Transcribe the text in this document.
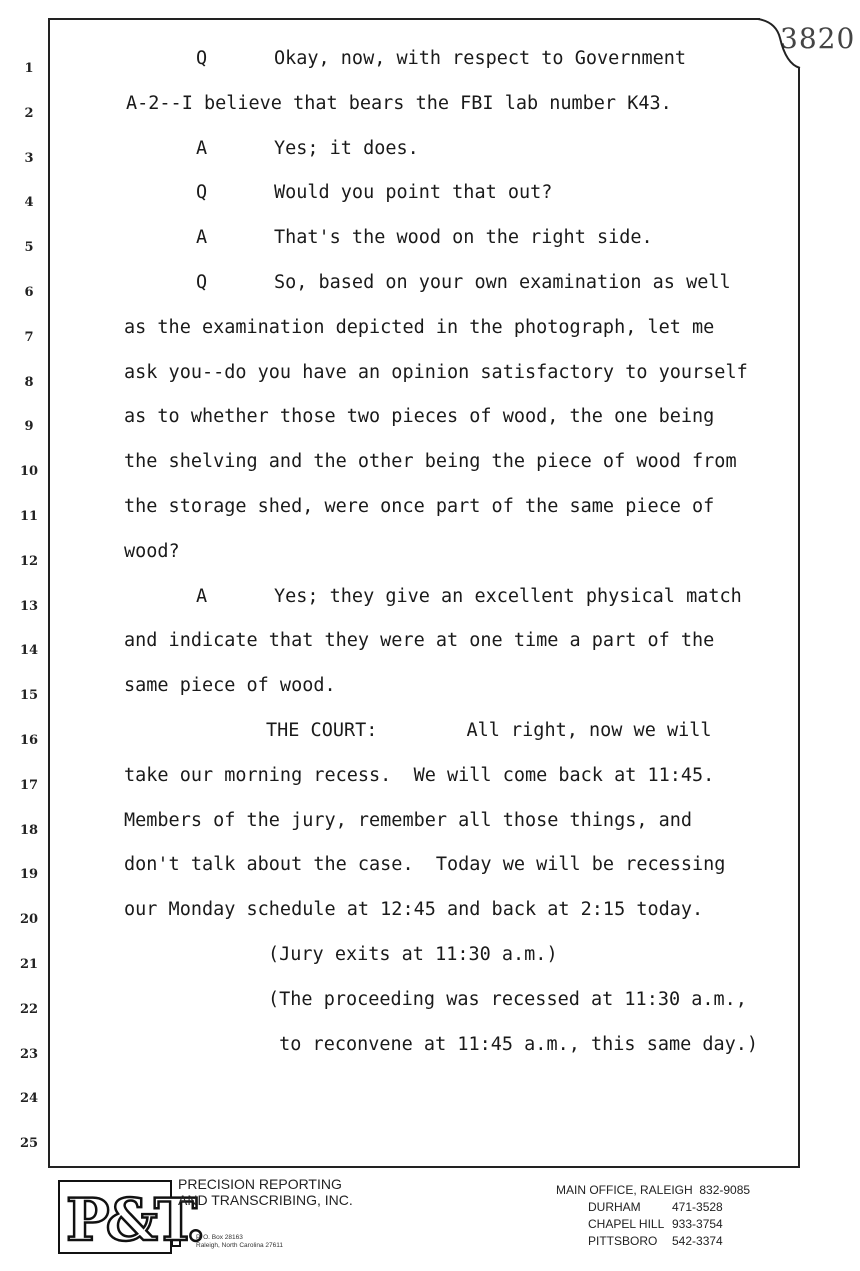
3820
1	Q      Okay, now, with respect to Government
2	A-2--I believe that bears the FBI lab number K43.
3	A      Yes; it does.
4	Q      Would you point that out?
5	A      That's the wood on the right side.
6	Q      So, based on your own examination as well
7	as the examination depicted in the photograph, let me
8	ask you--do you have an opinion satisfactory to yourself
9	as to whether those two pieces of wood, the one being
10	the shelving and the other being the piece of wood from
11	the storage shed, were once part of the same piece of
12	wood?
13	A      Yes; they give an excellent physical match
14	and indicate that they were at one time a part of the
15	same piece of wood.
16	THE COURT:        All right, now we will
17	take our morning recess.  We will come back at 11:45.
18	Members of the jury, remember all those things, and
19	don't talk about the case.  Today we will be recessing
20	our Monday schedule at 12:45 and back at 2:15 today.
21	(Jury exits at 11:30 a.m.)
22	(The proceeding was recessed at 11:30 a.m.,
23	to reconvene at 11:45 a.m., this same day.)
24
25
P&T.
PRECISION REPORTING
AND TRANSCRIBING, INC.
P. O. Box 28163
Raleigh, North Carolina 27611
MAIN OFFICE, RALEIGH  832-9085
DURHAM	471-3528
CHAPEL HILL 933-3754
PITTSBORO	542-3374
